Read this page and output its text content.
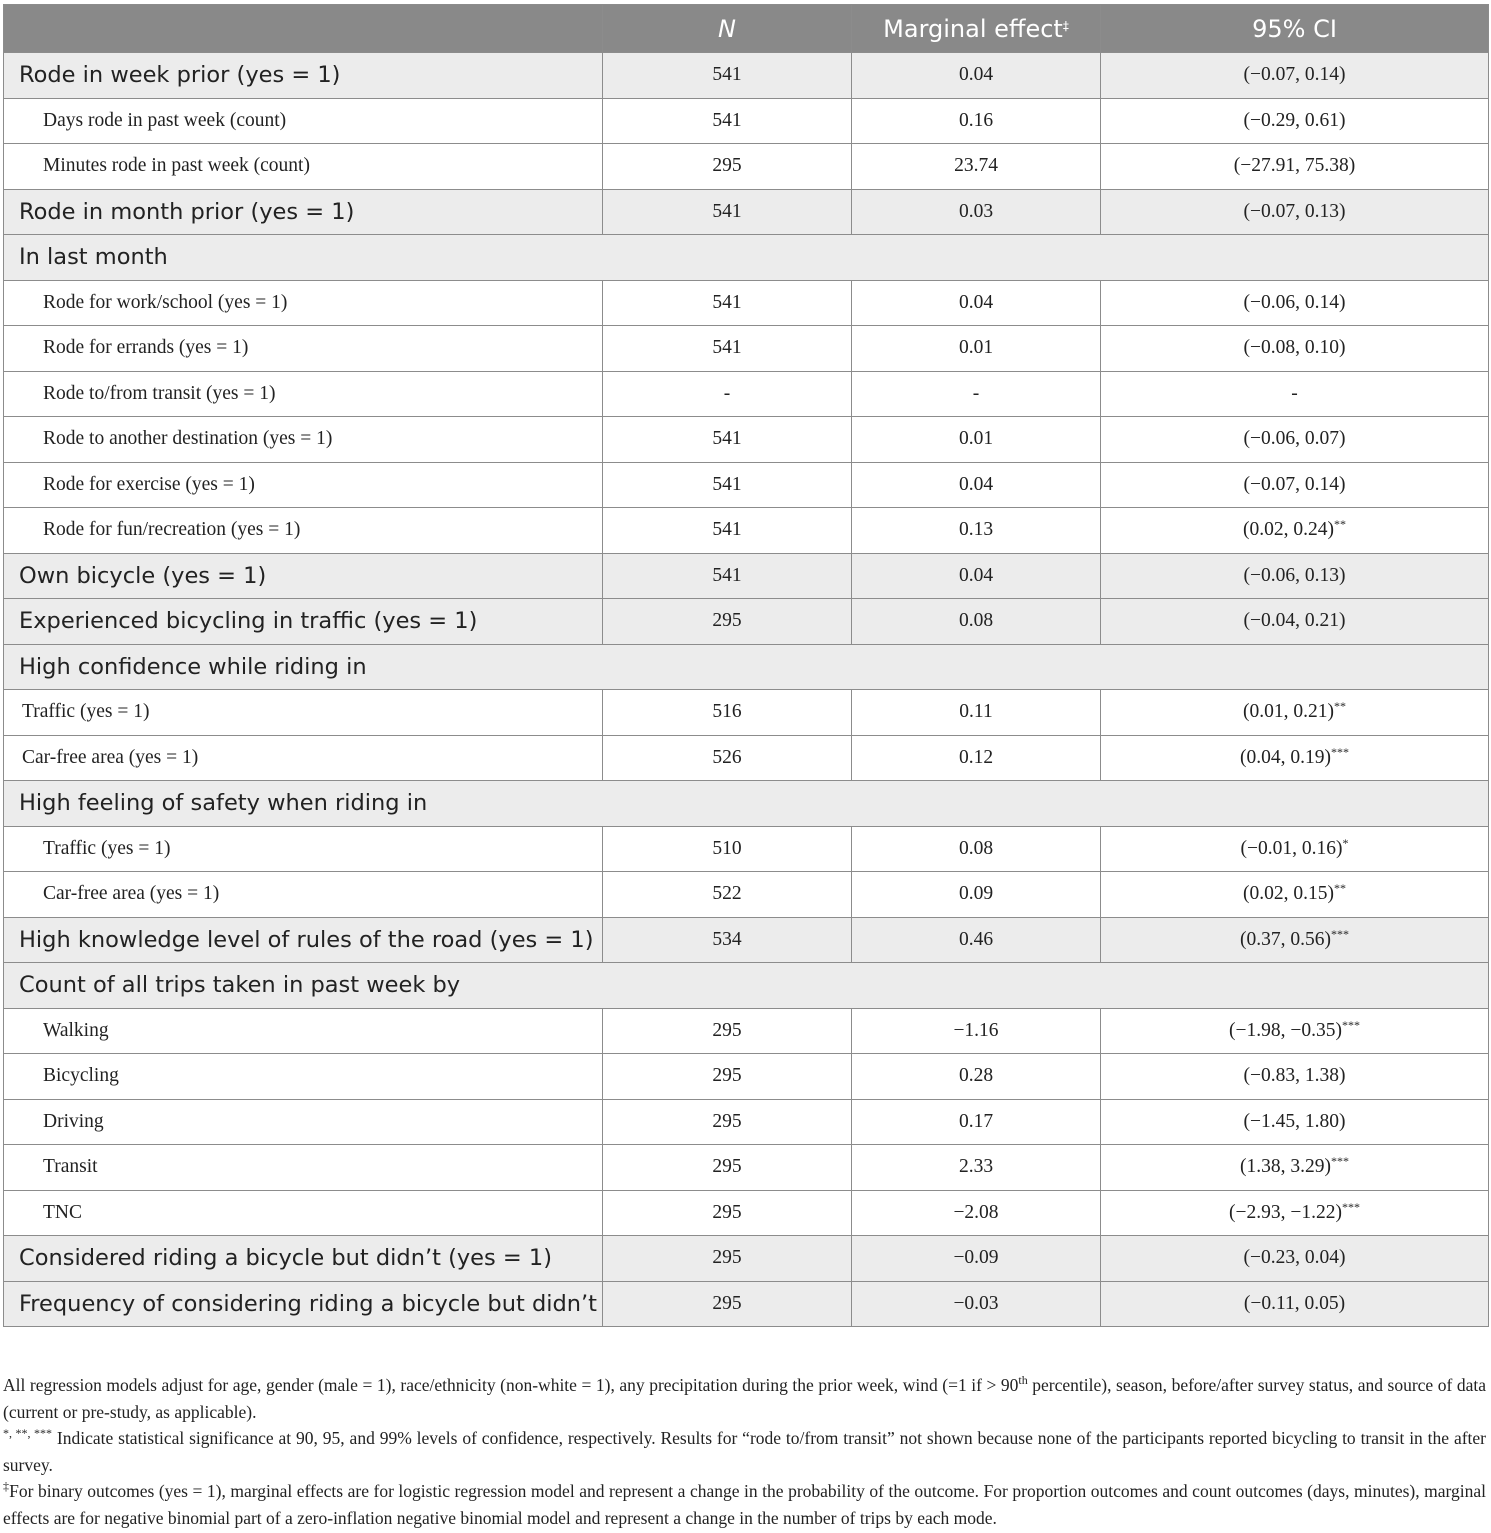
	N	Marginal effect‡	95% CI
Rode in week prior (yes = 1)	541	0.04	(−0.07, 0.14)
Days rode in past week (count)	541	0.16	(−0.29, 0.61)
Minutes rode in past week (count)	295	23.74	(−27.91, 75.38)
Rode in month prior (yes = 1)	541	0.03	(−0.07, 0.13)
In last month			
Rode for work/school (yes = 1)	541	0.04	(−0.06, 0.14)
Rode for errands (yes = 1)	541	0.01	(−0.08, 0.10)
Rode to/from transit (yes = 1)	-	-	-
Rode to another destination (yes = 1)	541	0.01	(−0.06, 0.07)
Rode for exercise (yes = 1)	541	0.04	(−0.07, 0.14)
Rode for fun/recreation (yes = 1)	541	0.13	(0.02, 0.24)**
Own bicycle (yes = 1)	541	0.04	(−0.06, 0.13)
Experienced bicycling in traffic (yes = 1)	295	0.08	(−0.04, 0.21)
High confidence while riding in			
Traffic (yes = 1)	516	0.11	(0.01, 0.21)**
Car-free area (yes = 1)	526	0.12	(0.04, 0.19)***
High feeling of safety when riding in			
Traffic (yes = 1)	510	0.08	(−0.01, 0.16)*
Car-free area (yes = 1)	522	0.09	(0.02, 0.15)**
High knowledge level of rules of the road (yes = 1)	534	0.46	(0.37, 0.56)***
Count of all trips taken in past week by			
Walking	295	−1.16	(−1.98, −0.35)***
Bicycling	295	0.28	(−0.83, 1.38)
Driving	295	0.17	(−1.45, 1.80)
Transit	295	2.33	(1.38, 3.29)***
TNC	295	−2.08	(−2.93, −1.22)***
Considered riding a bicycle but didn’t (yes = 1)	295	−0.09	(−0.23, 0.04)
Frequency of considering riding a bicycle but didn’t	295	−0.03	(−0.11, 0.05)

All regression models adjust for age, gender (male = 1), race/ethnicity (non-white = 1), any precipitation during the prior week, wind (=1 if > 90th percentile), season, before/after survey status, and source of data (current or pre-study, as applicable).

*, **, *** Indicate statistical significance at 90, 95, and 99% levels of confidence, respectively. Results for “rode to/from transit” not shown because none of the participants reported bicycling to transit in the after survey.

‡For binary outcomes (yes = 1), marginal effects are for logistic regression model and represent a change in the probability of the outcome. For proportion outcomes and count outcomes (days, minutes), marginal effects are for negative binomial part of a zero-inflation negative binomial model and represent a change in the number of trips by each mode.
